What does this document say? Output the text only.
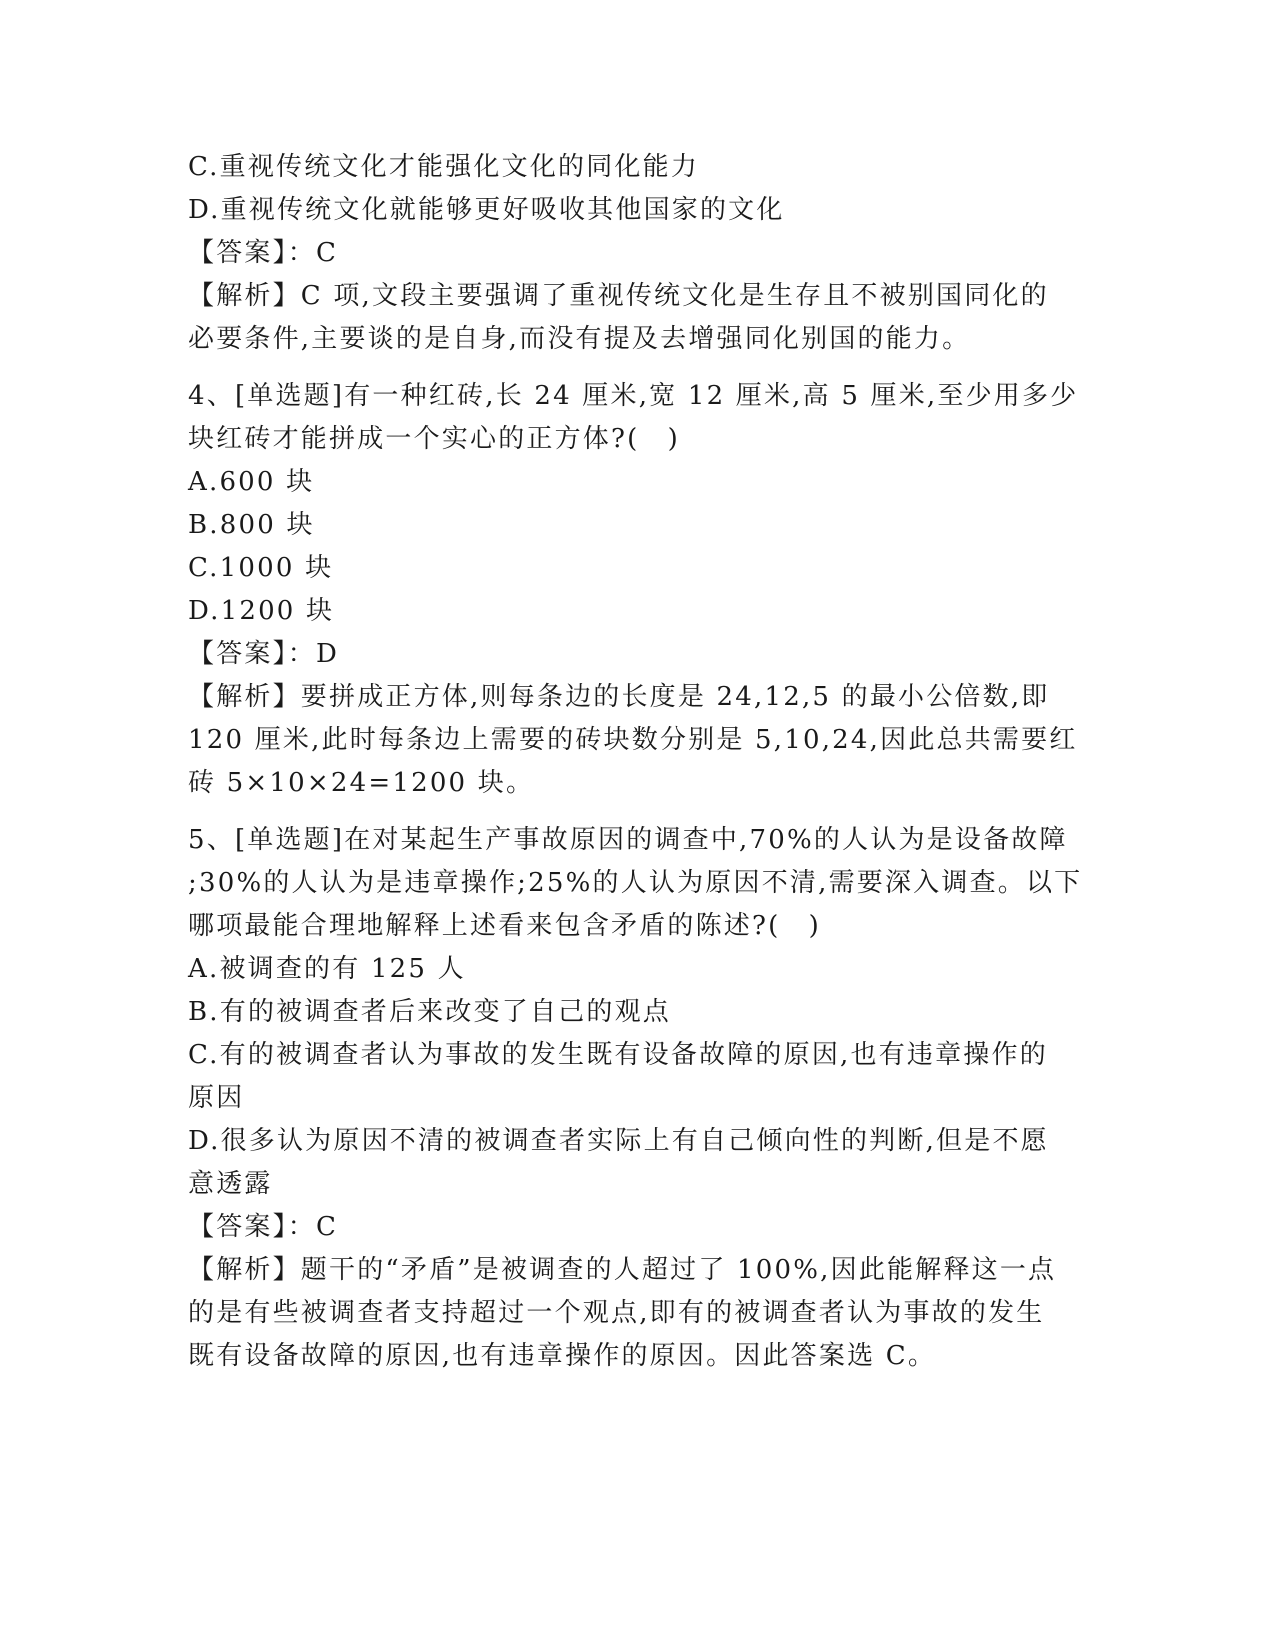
C.重视传统文化才能强化文化的同化能力
D.重视传统文化就能够更好吸收其他国家的文化
【答案】：C
【解析】C 项,文段主要强调了重视传统文化是生存且不被别国同化的
必要条件,主要谈的是自身,而没有提及去增强同化别国的能力。
4、[单选题]有一种红砖,长 24 厘米,宽 12 厘米,高 5 厘米,至少用多少
块红砖才能拼成一个实心的正方体?(　)
A.600 块
B.800 块
C.1000 块
D.1200 块
【答案】：D
【解析】要拼成正方体,则每条边的长度是 24,12,5 的最小公倍数,即
120 厘米,此时每条边上需要的砖块数分别是 5,10,24,因此总共需要红
砖 5×10×24=1200 块。
5、[单选题]在对某起生产事故原因的调查中,70%的人认为是设备故障
;30%的人认为是违章操作;25%的人认为原因不清,需要深入调查。以下
哪项最能合理地解释上述看来包含矛盾的陈述?(　)
A.被调查的有 125 人
B.有的被调查者后来改变了自己的观点
C.有的被调查者认为事故的发生既有设备故障的原因,也有违章操作的
原因
D.很多认为原因不清的被调查者实际上有自己倾向性的判断,但是不愿
意透露
【答案】：C
【解析】题干的“矛盾”是被调查的人超过了 100%,因此能解释这一点
的是有些被调查者支持超过一个观点,即有的被调查者认为事故的发生
既有设备故障的原因,也有违章操作的原因。因此答案选 C。
